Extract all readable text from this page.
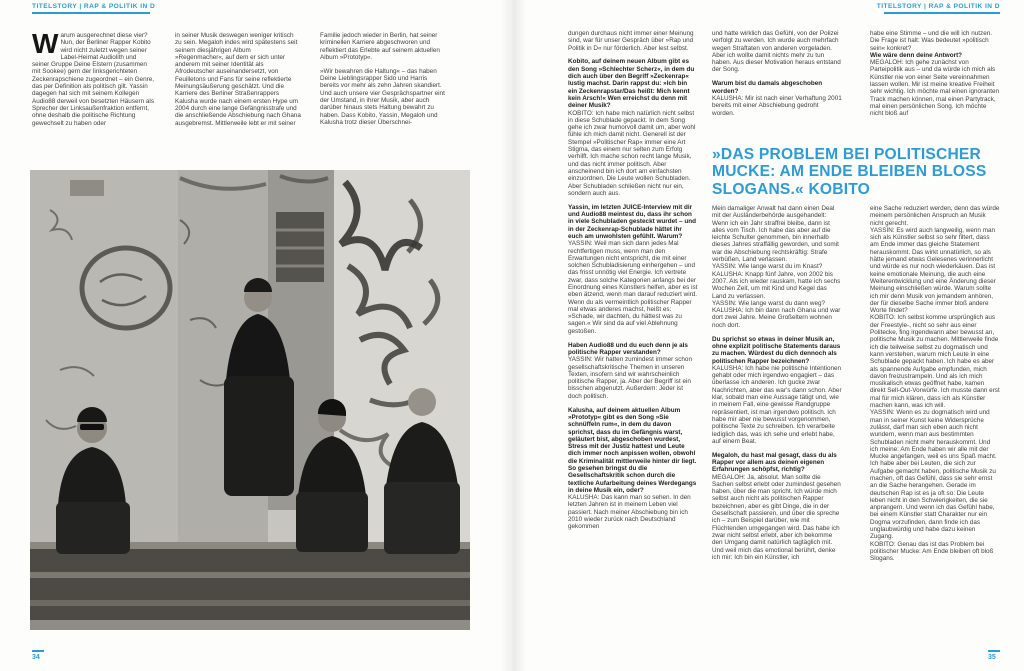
TITELSTORY | RAP & POLITIK IN D	TITELSTORY | RAP & POLITIK IN D

Warum ausgerechnet diese vier? Nun, der Berliner Rapper Kobito wird nicht zuletzt wegen seiner Label-Heimat Audiolith und seiner Gruppe Deine Elstern (zusammen mit Sookee) gern der linksgerichteten Zeckenrapschiene zugeordnet – ein Genre, das per Definition als politisch gilt. Yassin dagegen hat sich mit seinem Kollegen Audio88 derweil von besetzten Häusern als Sprecher der Linksaußenfraktion entfernt, ohne deshalb die politische Richtung gewechselt zu haben oder

in seiner Musik deswegen weniger kritisch zu sein. Megaloh indes wird spätestens seit seinem diesjährigen Album »Regenmacher«, auf dem er sich unter anderem mit seiner Identität als Afrodeutscher auseinandersetzt, von Feuilletons und Fans für seine reflektierte Meinungsäußerung geschätzt. Und die Karriere des Berliner Straßenrappers Kalusha wurde nach einem ersten Hype um 2004 durch eine lange Gefängnisstrafe und die anschließende Abschiebung nach Ghana ausgebremst. Mittlerweile lebt er mit seiner

Familie jedoch wieder in Berlin, hat seiner kriminellen Karriere abgeschworen und reflektiert das Erlebte auf seinem aktuellen Album »Prototyp«.

»Wir bewahren die Haltung« – das haben Deine Lieblingsrapper Sido und Harris bereits vor mehr als zehn Jahren skandiert. Und auch unsere vier Gesprächspartner eint der Umstand, in ihrer Musik, aber auch darüber hinaus stets Haltung bewahrt zu haben. Dass Kobito, Yassin, Megaloh und Kalusha trotz dieser Überschnei-

dungen durchaus nicht immer einer Meinung sind, war für unser Gespräch über »Rap und Politik in D« nur förderlich. Aber lest selbst.

Kobito, auf deinem neuen Album gibt es den Song »Schlechter Scherz«, in dem du dich auch über den Begriff »Zeckenrap« lustig machst. Darin rappst du: »Ich bin ein Zeckenrapstar/Das heißt: Mich kennt kein Arsch!« Wen erreichst du denn mit deiner Musik?

KOBITO: Ich habe mich natürlich nicht selbst in diese Schublade gepackt. In dem Song gehe ich zwar humorvoll damit um, aber wohl fühle ich mich damit nicht. Generell ist der Stempel »Politischer Rap« immer eine Art Stigma, das einem nur selten zum Erfolg verhilft. Ich mache schon recht lange Musik, und das nicht immer politisch. Aber anscheinend bin ich dort am einfachsten einzuordnen. Die Leute wollen Schubladen. Aber Schubladen schließen nicht nur ein, sondern auch aus.

Yassin, im letzten JUICE-Interview mit dir und Audio88 meintest du, dass ihr schon in viele Schubladen gesteckt wurdet – und in der Zeckenrap-Schublade hättet ihr euch am unwohlsten gefühlt. Warum?

YASSIN: Weil man sich dann jedes Mal rechtfertigen muss, wenn man den Erwartungen nicht entspricht, die mit einer solchen Schubladisierung einhergehen – und das frisst unnötig viel Energie. Ich vertrete zwar, dass solche Kategorien anfangs bei der Einordnung eines Künstlers helfen, aber es ist eben ätzend, wenn man darauf reduziert wird. Wenn du als vermeintlich politischer Rapper mal etwas anderes machst, heißt es: »Schade, wir dachten, du hättest was zu sagen.« Wir sind da auf viel Ablehnung gestoßen.

Haben Audio88 und du euch denn je als politische Rapper verstanden?

YASSIN: Wir hatten zumindest immer schon gesellschaftskritische Themen in unseren Texten, insofern sind wir wahrscheinlich politische Rapper, ja. Aber der Begriff ist ein bisschen abgenutzt. Außerdem: Jeder ist doch politisch.

Kalusha, auf deinem aktuellen Album »Prototyp« gibt es den Song »Sie schnüffeln rum«, in dem du davon sprichst, dass du im Gefängnis warst, geläutert bist, abgeschoben wurdest, Stress mit der Justiz hattest und Leute dich immer noch anpissen wollen, obwohl die Kriminalität mittlerweile hinter dir liegt. So gesehen bringst du die Gesellschaftskritik schon durch die textliche Aufarbeitung deines Werdegangs in deine Musik ein, oder?

KALUSHA: Das kann man so sehen. In den letzten Jahren ist in meinem Leben viel passiert. Nach meiner Abschiebung bin ich 2010 wieder zurück nach Deutschland gekommen

und hatte wirklich das Gefühl, von der Polizei verfolgt zu werden. Ich wurde auch mehrfach wegen Straftaten von anderen vorgeladen. Aber ich wollte damit nichts mehr zu tun haben. Aus dieser Motivation heraus entstand der Song.

Warum bist du damals abgeschoben worden?

KALUSHA: Mir ist nach einer Verhaftung 2001 bereits mit einer Abschiebung gedroht worden.

Mein damaliger Anwalt hat dann einen Deal mit der Ausländerbehörde ausgehandelt: Wenn ich ein Jahr straffrei bleibe, dann ist alles vom Tisch. Ich habe das aber auf die leichte Schulter genommen, bin innerhalb dieses Jahres straffällig geworden, und somit war die Abschiebung rechtskräftig: Strafe verbüßen, Land verlassen.

YASSIN: Wie lange warst du im Knast?

KALUSHA: Knapp fünf Jahre, von 2002 bis 2007. Als ich wieder rauskam, hatte ich sechs Wochen Zeit, um mit Kind und Kegel das Land zu verlassen.

YASSIN: Wie lange warst du dann weg?

KALUSHA: Ich bin dann nach Ghana und war dort zwei Jahre. Meine Großeltern wohnen noch dort.

Du sprichst so etwas in deiner Musik an, ohne explizit politische Statements daraus zu machen. Würdest du dich dennoch als politischen Rapper bezeichnen?

KALUSHA: Ich habe nie politische Intentionen gehabt oder mich irgendwo engagiert – das überlasse ich anderen. Ich gucke zwar Nachrichten, aber das war's dann schon. Aber klar, sobald man eine Aussage tätigt und, wie in meinem Fall, eine gewisse Randgruppe repräsentiert, ist man irgendwo politisch. Ich habe mir aber nie bewusst vorgenommen, politische Texte zu schreiben. Ich verarbeite lediglich das, was ich sehe und erlebt habe, auf einem Beat.

Megaloh, du hast mal gesagt, dass du als Rapper vor allem aus deinen eigenen Erfahrungen schöpfst, richtig?

MEGALOH: Ja, absolut. Man sollte die Sachen selbst erlebt oder zumindest gesehen haben, über die man spricht. Ich würde mich selbst auch nicht als politischen Rapper bezeichnen, aber es gibt Dinge, die in der Gesellschaft passieren, und über die spreche ich – zum Beispiel darüber, wie mit Flüchtenden umgegangen wird. Das habe ich zwar nicht selbst erlebt, aber ich bekomme den Umgang damit natürlich tagtäglich mit. Und weil mich das emotional berührt, denke ich mir: Ich bin ein Künstler, ich

habe eine Stimme – und die will ich nutzen. Die Frage ist halt: Was bedeutet »politisch sein« konkret?

Wie wäre denn deine Antwort?

MEGALOH: Ich gehe zunächst von Parteipolitik aus – und da würde ich mich als Künstler nie von einer Seite vereinnahmen lassen wollen. Mir ist meine kreative Freiheit sehr wichtig. Ich möchte mal einen ignoranten Track machen können, mal einen Partytrack, mal einen persönlichen Song. Ich möchte nicht bloß auf

eine Sache reduziert werden, denn das würde meinem persönlichen Anspruch an Musik nicht gerecht.

YASSIN: Es wird auch langweilig, wenn man sich als Künstler selbst so sehr filtert, dass am Ende immer das gleiche Statement herauskommt. Das wirkt unnatürlich, so als hätte jemand etwas Gelesenes verinnerlicht und würde es nur noch wiederkäuen. Das ist keine emotionale Meinung, die auch eine Weiterentwicklung und eine Änderung dieser Meinung einschließen würde. Warum sollte ich mir denn Musik von jemandem anhören, der für dieselbe Sache immer bloß andere Worte findet?

KOBITO: Ich selbst komme ursprünglich aus der Freestyle-, nicht so sehr aus einer Politecke, fing irgendwann aber bewusst an, politische Musik zu machen. Mittlerweile finde ich die teilweise selbst zu dogmatisch und kann verstehen, warum mich Leute in eine Schublade gepackt haben. Ich habe es aber als spannende Aufgabe empfunden, mich davon freizustrampeln. Und als ich mich musikalisch etwas geöffnet habe, kamen direkt Sell-Out-Vorwürfe. Ich musste dann erst mal für mich klären, dass ich als Künstler machen kann, was ich will.

YASSIN: Wenn es zu dogmatisch wird und man in seiner Kunst keine Widersprüche zulässt, darf man sich eben auch nicht wundern, wenn man aus bestimmten Schubladen nicht mehr herauskommt. Und ich meine: Am Ende haben wir alle mit der Mucke angefangen, weil es uns Spaß macht. Ich habe aber bei Leuten, die sich zur Aufgabe gemacht haben, politische Musik zu machen, oft das Gefühl, dass sie sehr ernst an die Sache herangehen. Gerade im deutschen Rap ist es ja oft so: Die Leute leben nicht in den Schwierigkeiten, die sie anprangern. Und wenn ich das Gefühl habe, bei einem Künstler statt Charakter nur ein Dogma vorzufinden, dann finde ich das unglaubwürdig und habe dazu keinen Zugang.

KOBITO: Genau das ist das Problem bei politischer Mucke: Am Ende bleiben oft bloß Slogans.

»DAS PROBLEM BEI POLITISCHER MUCKE: AM ENDE BLEIBEN BLOSS SLOGANS.« KOBITO
34	35
